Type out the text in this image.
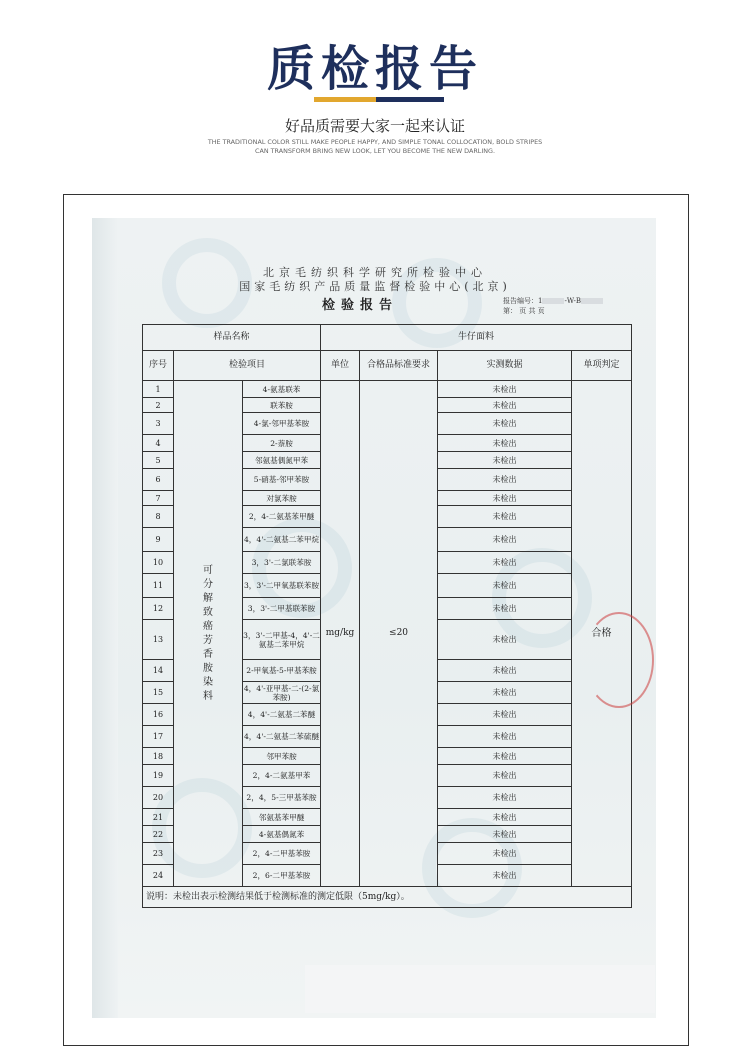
质检报告
好品质需要大家一起来认证
THE TRADITIONAL COLOR STILL MAKE PEOPLE HAPPY, AND SIMPLE TONAL COLLOCATION, BOLD STRIPES CAN TRANSFORM BRING NEW LOOK, LET YOU BECOME THE NEW DARLING.
北京毛纺织科学研究所检验中心
国家毛纺织产品质量监督检验中心(北京)
检验报告	报告编号：1	-W-B
第： 页 共 页
样品名称			牛仔面料			
序号	检验项目		单位	合格品标准要求	实测数据	单项判定
1	可分解致癌芳香胺染料	4-氨基联苯	mg/kg	≤20	未检出	合格
2		联苯胺			未检出	
3		4-氯-邻甲基苯胺			未检出	
4		2-萘胺			未检出	
5		邻氨基偶氮甲苯			未检出	
6		5-硝基-邻甲苯胺			未检出	
7		对氯苯胺			未检出	
8		2，4-二氨基苯甲醚			未检出	
9		4，4'-二氨基二苯甲烷			未检出	
10		3，3'-二氯联苯胺			未检出	
11		3，3'-二甲氧基联苯胺			未检出	
12		3，3'-二甲基联苯胺			未检出	
13		3，3'-二甲基-4，4'-二氨基二苯甲烷			未检出	
14		2-甲氧基-5-甲基苯胺			未检出	
15		4，4'-亚甲基-二-(2-氯苯胺)			未检出	
16		4，4'-二氨基二苯醚			未检出	
17		4，4'-二氨基二苯硫醚			未检出	
18		邻甲苯胺			未检出	
19		2，4-二氨基甲苯			未检出	
20		2，4，5-三甲基苯胺			未检出	
21		邻氨基苯甲醚			未检出	
22		4-氨基偶氮苯			未检出	
23		2，4-二甲基苯胺			未检出	
24		2，6-二甲基苯胺			未检出	
说明：未检出表示检测结果低于检测标准的测定低限（5mg/kg）。						
